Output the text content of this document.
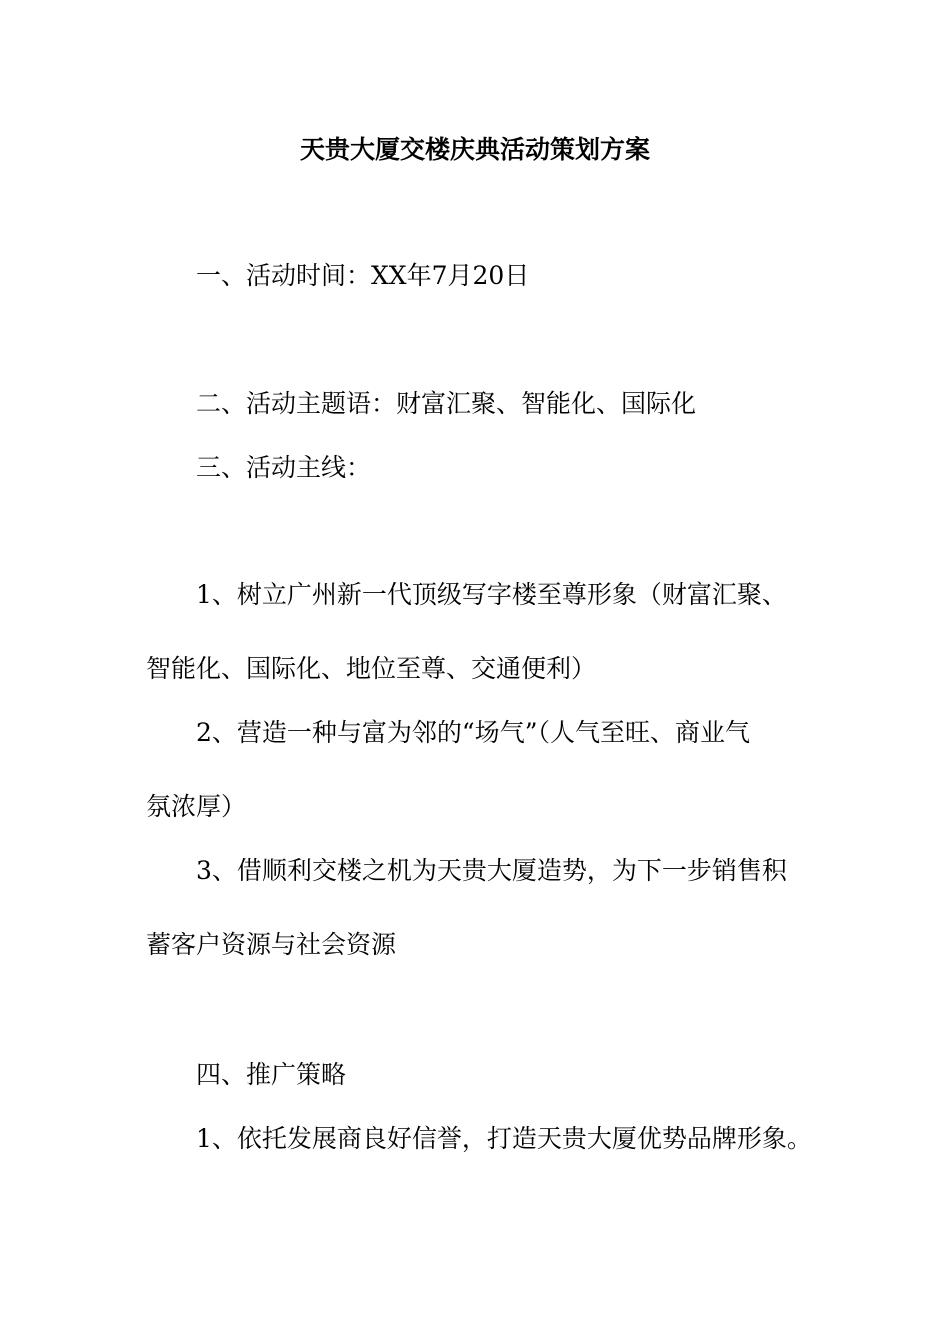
天贵大厦交楼庆典活动策划方案

一、活动时间：XX年7月20日

二、活动主题语：财富汇聚、智能化、国际化

三、活动主线：

1、树立广州新一代顶级写字楼至尊形象（财富汇聚、

智能化、国际化、地位至尊、交通便利）

2、营造一种与富为邻的“场气”（人气至旺、商业气

氛浓厚）

3、借顺利交楼之机为天贵大厦造势，为下一步销售积

蓄客户资源与社会资源

四、推广策略

1、依托发展商良好信誉，打造天贵大厦优势品牌形象。
